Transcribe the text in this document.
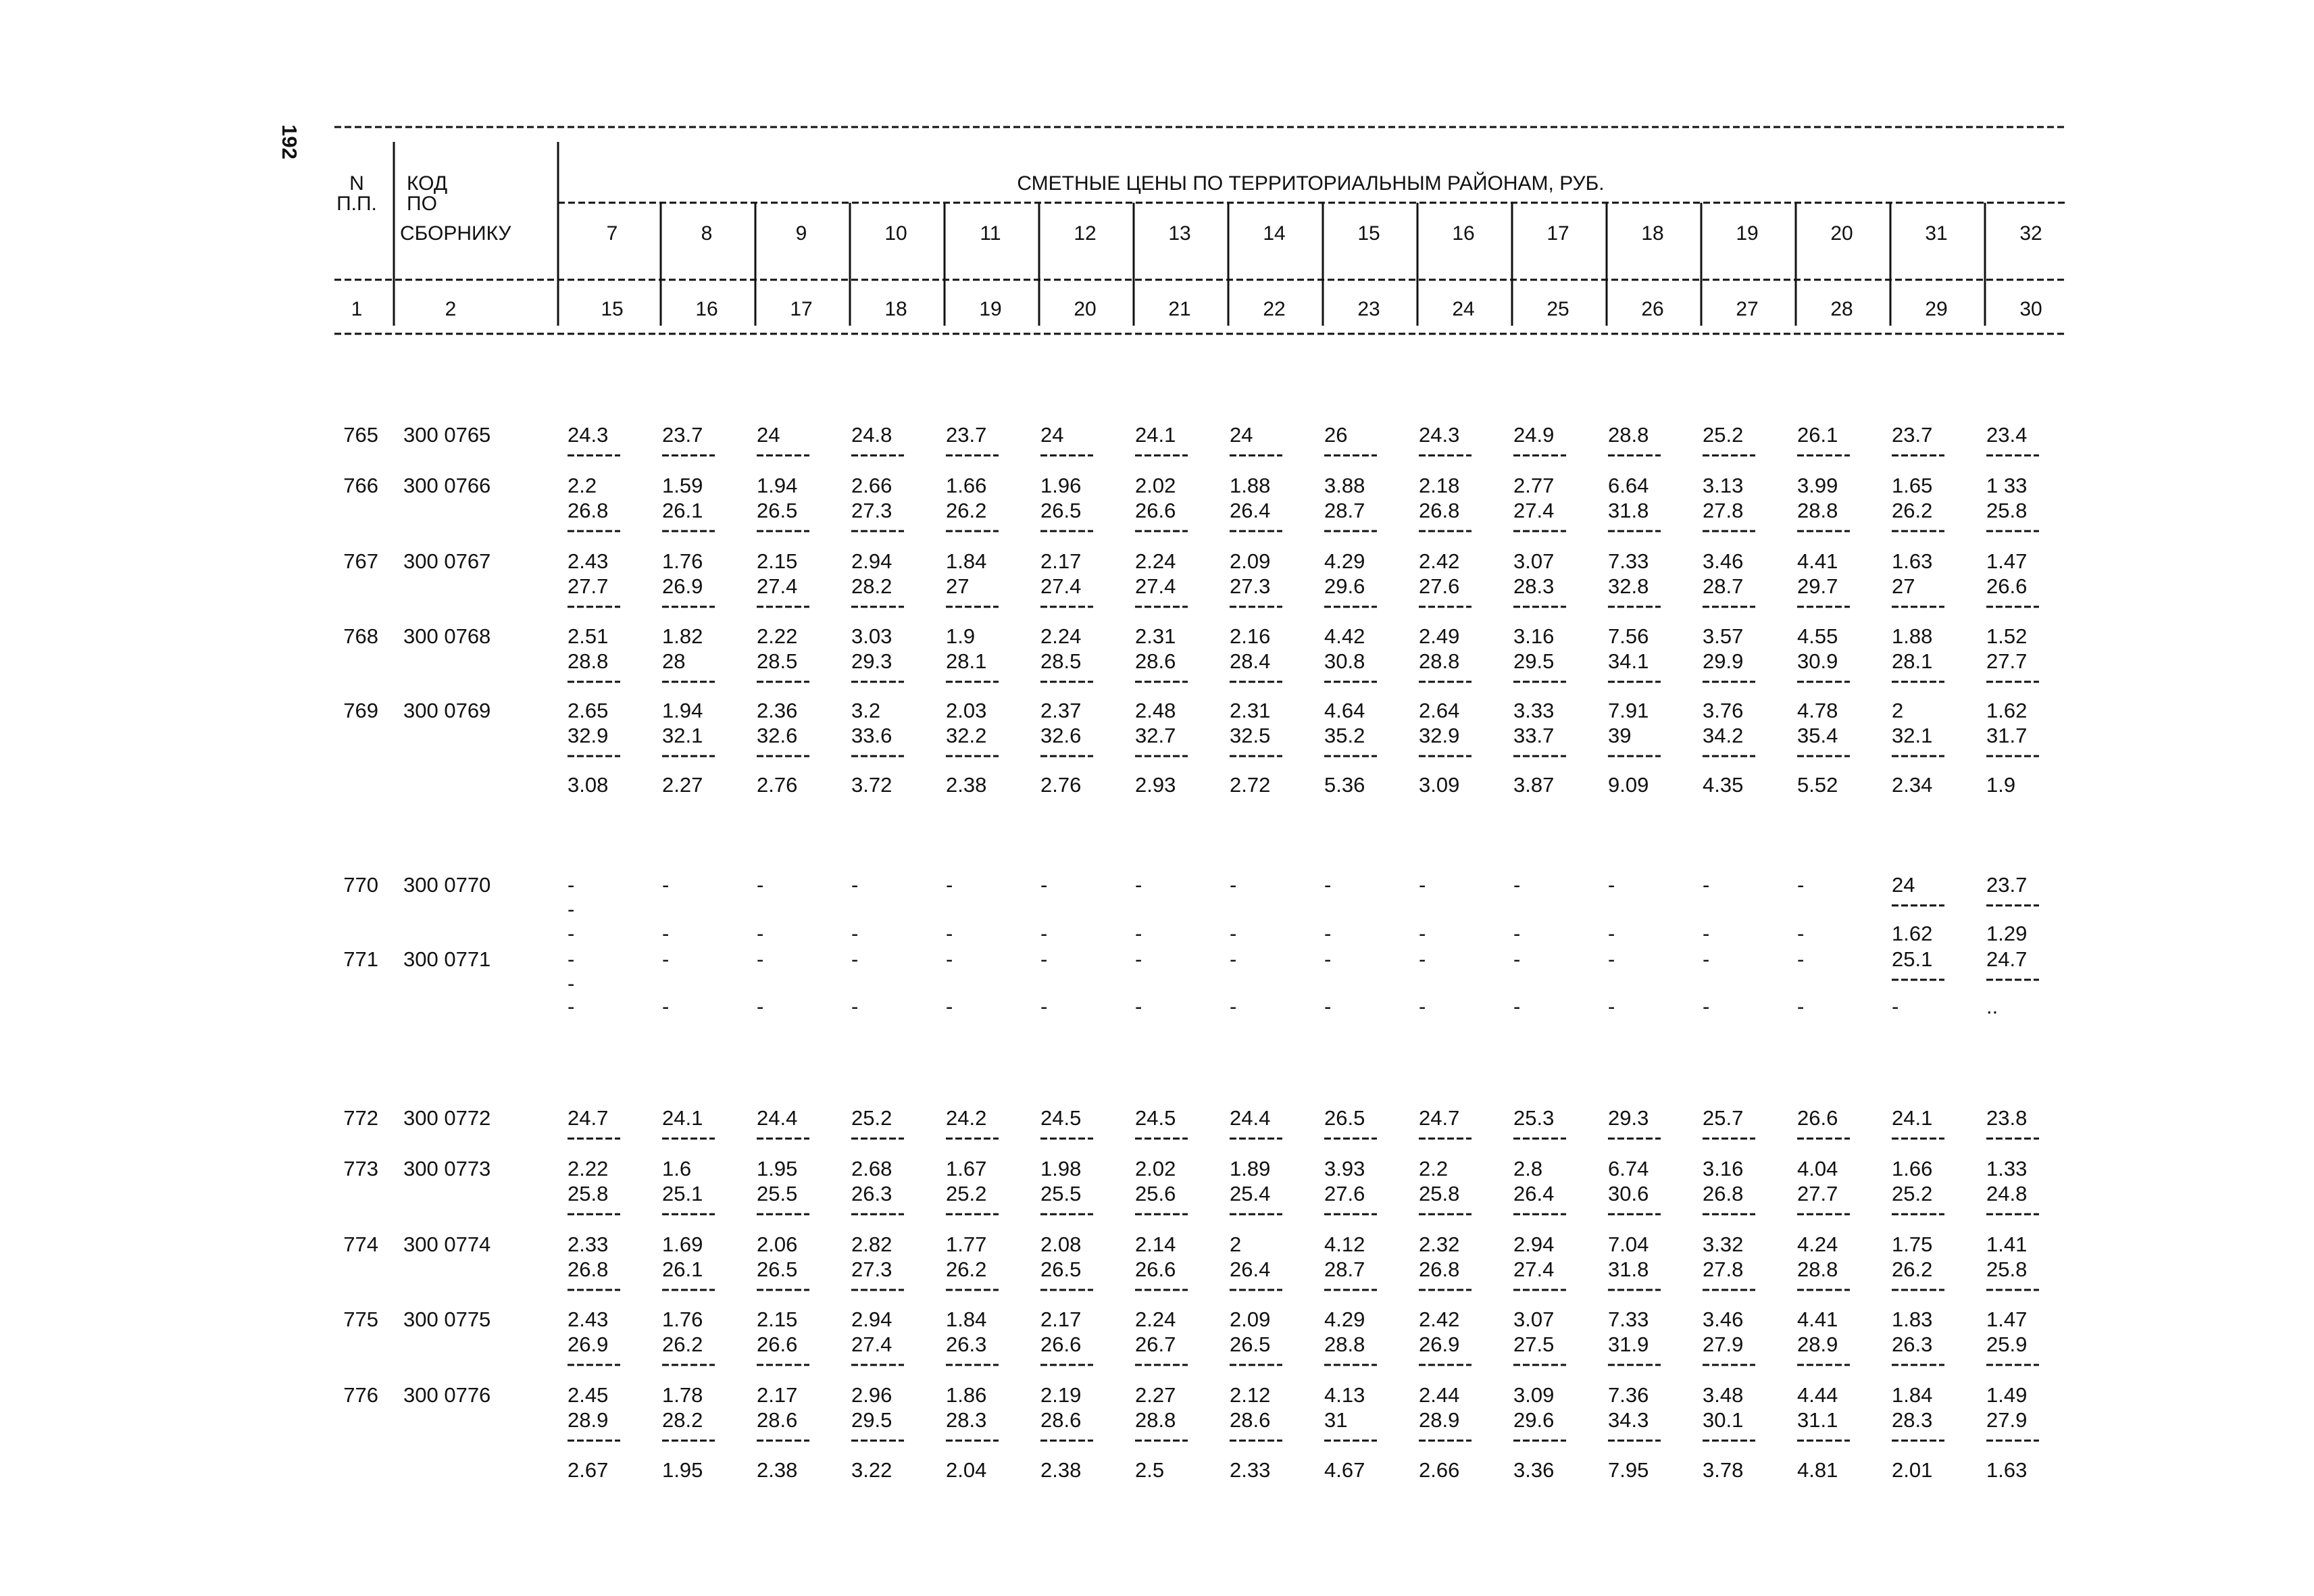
192
N
П.П.
КОД
ПО
СБОРНИКУ
СМЕТНЫЕ ЦЕНЫ ПО ТЕРРИТОРИАЛЬНЫМ РАЙОНАМ, РУБ.
1	2
7	8	9	10	11	12	13	14	15	16	17	18	19	20	31	32
15	16	17	18	19	20	21	22	23	24	25	26	27	28	29	30
765 300 0765	24.3	23.7	24	24.8	23.7	24	24.1	24	26	24.3	24.9	28.8	25.2	26.1	23.7	23.4
766 300 0766	2.2	1.59	1.94	2.66	1.66	1.96	2.02	1.88	3.88	2.18	2.77	6.64	3.13	3.99	1.65	1 33
26.8	26.1	26.5	27.3	26.2	26.5	26.6	26.4	28.7	26.8	27.4	31.8	27.8	28.8	26.2	25.8
767 300 0767	2.43	1.76	2.15	2.94	1.84	2.17	2.24	2.09	4.29	2.42	3.07	7.33	3.46	4.41	1.63	1.47
27.7	26.9	27.4	28.2	27	27.4	27.4	27.3	29.6	27.6	28.3	32.8	28.7	29.7	27	26.6
768 300 0768	2.51	1.82	2.22	3.03	1.9	2.24	2.31	2.16	4.42	2.49	3.16	7.56	3.57	4.55	1.88	1.52
28.8	28	28.5	29.3	28.1	28.5	28.6	28.4	30.8	28.8	29.5	34.1	29.9	30.9	28.1	27.7
769 300 0769	2.65	1.94	2.36	3.2	2.03	2.37	2.48	2.31	4.64	2.64	3.33	7.91	3.76	4.78	2	1.62
32.9	32.1	32.6	33.6	32.2	32.6	32.7	32.5	35.2	32.9	33.7	39	34.2	35.4	32.1	31.7
3.08	2.27	2.76	3.72	2.38	2.76	2.93	2.72	5.36	3.09	3.87	9.09	4.35	5.52	2.34	1.9
770 300 0770	-	-	-	-	-	-	-	-	-	-	-	-	-	-	24	23.7
-
-	-	-	-	-	-	-	-	-	-	-	-	-	-	1.62	1.29
771 300 0771	-	-	-	-	-	-	-	-	-	-	-	-	-	-	25.1	24.7
-
-	-	-	-	-	-	-	-	-	-	-	-	-	-	-	..
772 300 0772	24.7	24.1	24.4	25.2	24.2	24.5	24.5	24.4	26.5	24.7	25.3	29.3	25.7	26.6	24.1	23.8
773 300 0773	2.22	1.6	1.95	2.68	1.67	1.98	2.02	1.89	3.93	2.2	2.8	6.74	3.16	4.04	1.66	1.33
25.8	25.1	25.5	26.3	25.2	25.5	25.6	25.4	27.6	25.8	26.4	30.6	26.8	27.7	25.2	24.8
774 300 0774	2.33	1.69	2.06	2.82	1.77	2.08	2.14	2	4.12	2.32	2.94	7.04	3.32	4.24	1.75	1.41
26.8	26.1	26.5	27.3	26.2	26.5	26.6	26.4	28.7	26.8	27.4	31.8	27.8	28.8	26.2	25.8
775 300 0775	2.43	1.76	2.15	2.94	1.84	2.17	2.24	2.09	4.29	2.42	3.07	7.33	3.46	4.41	1.83	1.47
26.9	26.2	26.6	27.4	26.3	26.6	26.7	26.5	28.8	26.9	27.5	31.9	27.9	28.9	26.3	25.9
776 300 0776	2.45	1.78	2.17	2.96	1.86	2.19	2.27	2.12	4.13	2.44	3.09	7.36	3.48	4.44	1.84	1.49
28.9	28.2	28.6	29.5	28.3	28.6	28.8	28.6	31	28.9	29.6	34.3	30.1	31.1	28.3	27.9
2.67	1.95	2.38	3.22	2.04	2.38	2.5	2.33	4.67	2.66	3.36	7.95	3.78	4.81	2.01	1.63
